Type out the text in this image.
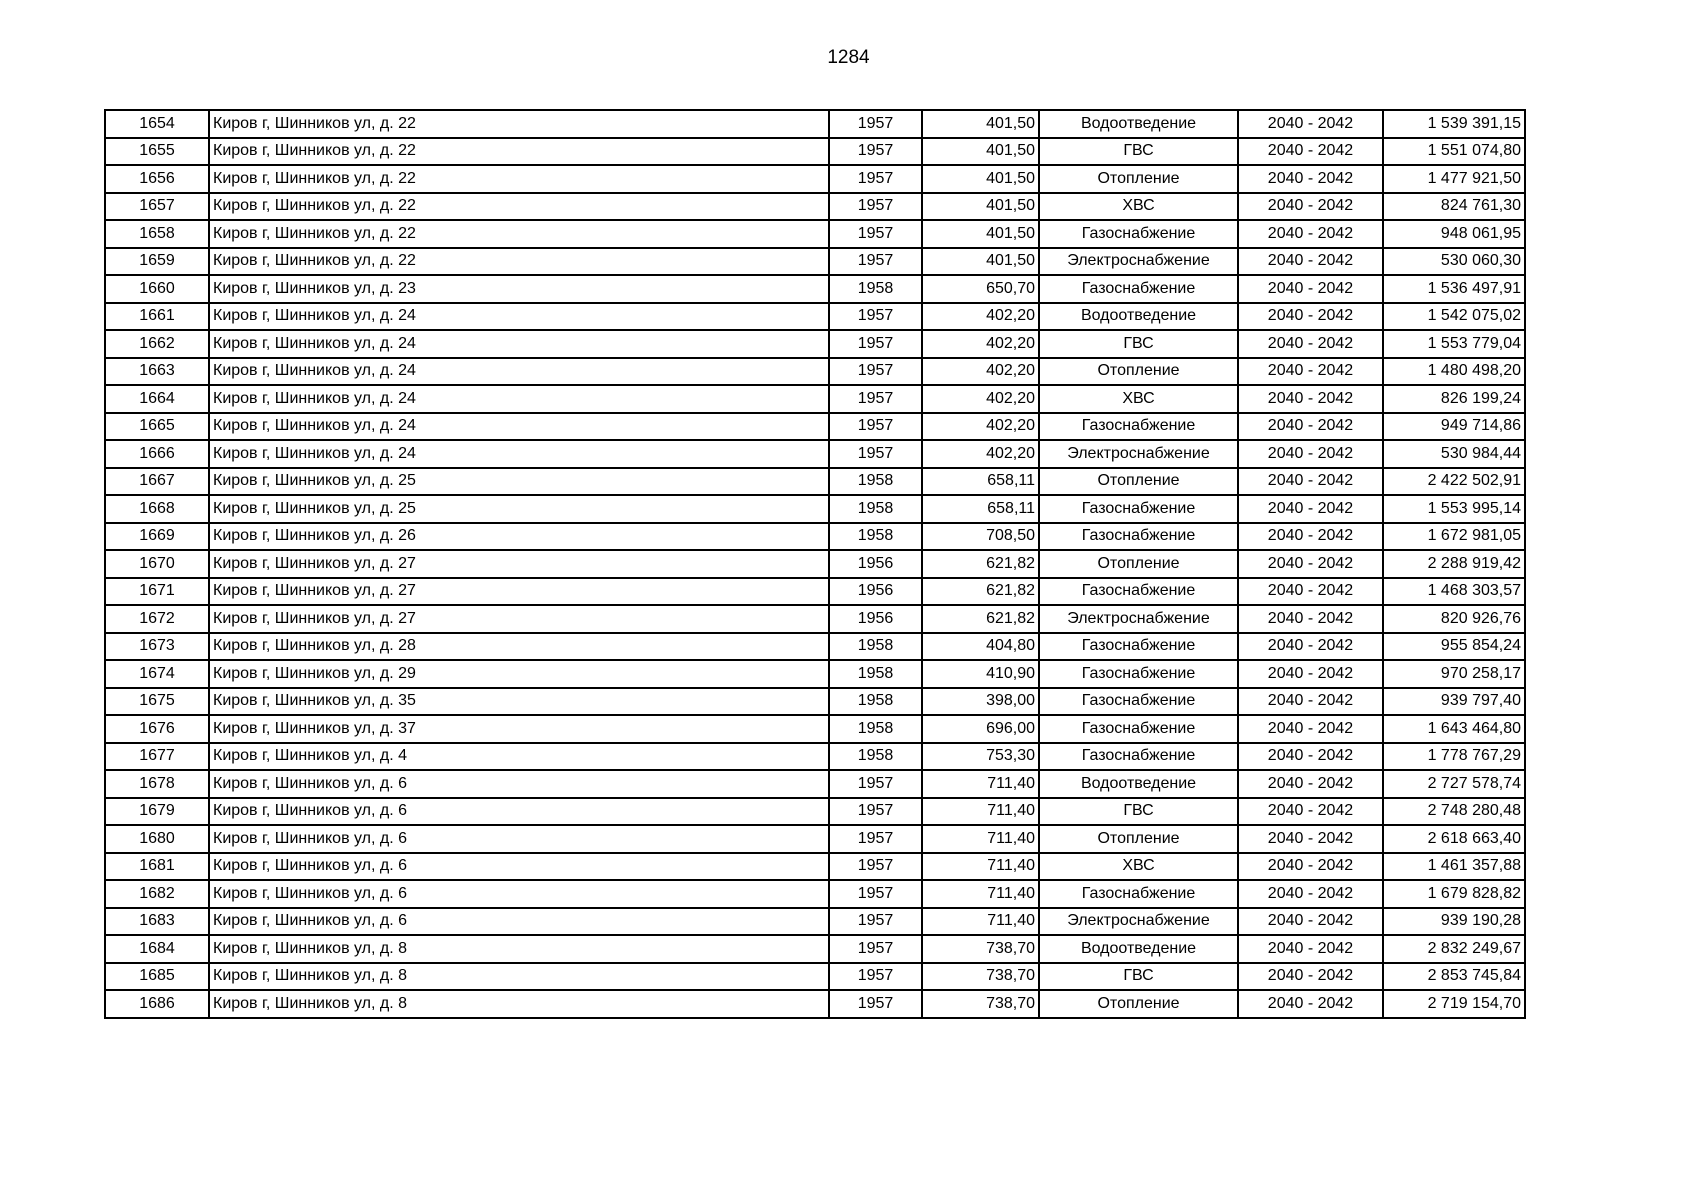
1284
1654	Киров г, Шинников ул, д. 22	1957	401,50	Водоотведение	2040 - 2042	1 539 391,15
1655	Киров г, Шинников ул, д. 22	1957	401,50	ГВС	2040 - 2042	1 551 074,80
1656	Киров г, Шинников ул, д. 22	1957	401,50	Отопление	2040 - 2042	1 477 921,50
1657	Киров г, Шинников ул, д. 22	1957	401,50	ХВС	2040 - 2042	824 761,30
1658	Киров г, Шинников ул, д. 22	1957	401,50	Газоснабжение	2040 - 2042	948 061,95
1659	Киров г, Шинников ул, д. 22	1957	401,50	Электроснабжение	2040 - 2042	530 060,30
1660	Киров г, Шинников ул, д. 23	1958	650,70	Газоснабжение	2040 - 2042	1 536 497,91
1661	Киров г, Шинников ул, д. 24	1957	402,20	Водоотведение	2040 - 2042	1 542 075,02
1662	Киров г, Шинников ул, д. 24	1957	402,20	ГВС	2040 - 2042	1 553 779,04
1663	Киров г, Шинников ул, д. 24	1957	402,20	Отопление	2040 - 2042	1 480 498,20
1664	Киров г, Шинников ул, д. 24	1957	402,20	ХВС	2040 - 2042	826 199,24
1665	Киров г, Шинников ул, д. 24	1957	402,20	Газоснабжение	2040 - 2042	949 714,86
1666	Киров г, Шинников ул, д. 24	1957	402,20	Электроснабжение	2040 - 2042	530 984,44
1667	Киров г, Шинников ул, д. 25	1958	658,11	Отопление	2040 - 2042	2 422 502,91
1668	Киров г, Шинников ул, д. 25	1958	658,11	Газоснабжение	2040 - 2042	1 553 995,14
1669	Киров г, Шинников ул, д. 26	1958	708,50	Газоснабжение	2040 - 2042	1 672 981,05
1670	Киров г, Шинников ул, д. 27	1956	621,82	Отопление	2040 - 2042	2 288 919,42
1671	Киров г, Шинников ул, д. 27	1956	621,82	Газоснабжение	2040 - 2042	1 468 303,57
1672	Киров г, Шинников ул, д. 27	1956	621,82	Электроснабжение	2040 - 2042	820 926,76
1673	Киров г, Шинников ул, д. 28	1958	404,80	Газоснабжение	2040 - 2042	955 854,24
1674	Киров г, Шинников ул, д. 29	1958	410,90	Газоснабжение	2040 - 2042	970 258,17
1675	Киров г, Шинников ул, д. 35	1958	398,00	Газоснабжение	2040 - 2042	939 797,40
1676	Киров г, Шинников ул, д. 37	1958	696,00	Газоснабжение	2040 - 2042	1 643 464,80
1677	Киров г, Шинников ул, д. 4	1958	753,30	Газоснабжение	2040 - 2042	1 778 767,29
1678	Киров г, Шинников ул, д. 6	1957	711,40	Водоотведение	2040 - 2042	2 727 578,74
1679	Киров г, Шинников ул, д. 6	1957	711,40	ГВС	2040 - 2042	2 748 280,48
1680	Киров г, Шинников ул, д. 6	1957	711,40	Отопление	2040 - 2042	2 618 663,40
1681	Киров г, Шинников ул, д. 6	1957	711,40	ХВС	2040 - 2042	1 461 357,88
1682	Киров г, Шинников ул, д. 6	1957	711,40	Газоснабжение	2040 - 2042	1 679 828,82
1683	Киров г, Шинников ул, д. 6	1957	711,40	Электроснабжение	2040 - 2042	939 190,28
1684	Киров г, Шинников ул, д. 8	1957	738,70	Водоотведение	2040 - 2042	2 832 249,67
1685	Киров г, Шинников ул, д. 8	1957	738,70	ГВС	2040 - 2042	2 853 745,84
1686	Киров г, Шинников ул, д. 8	1957	738,70	Отопление	2040 - 2042	2 719 154,70
